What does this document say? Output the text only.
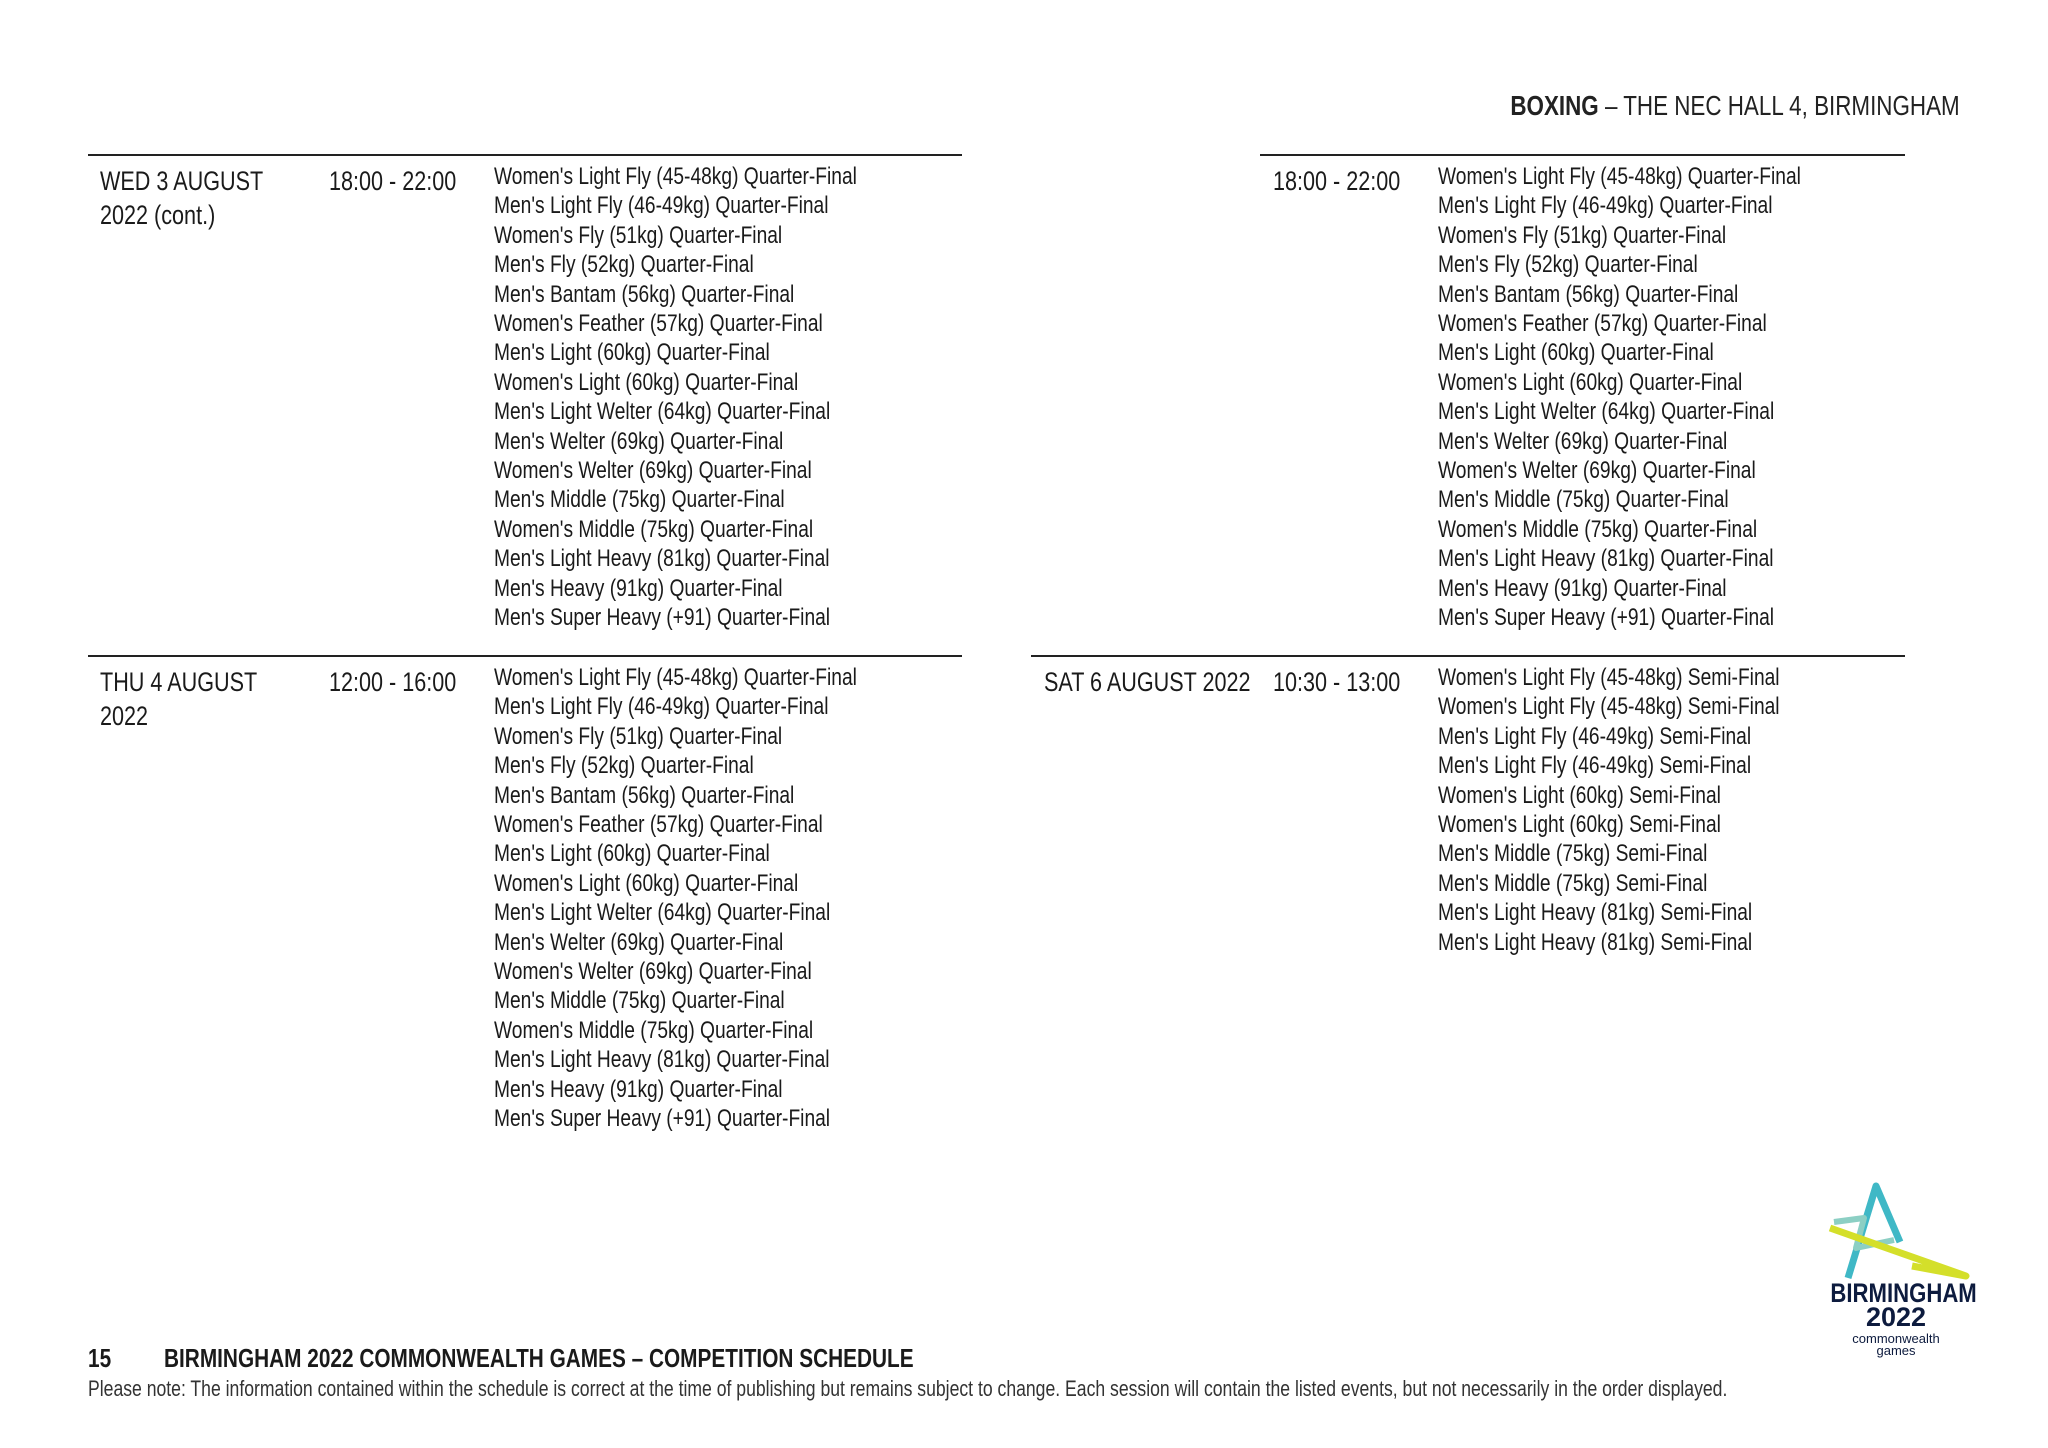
BOXING – THE NEC HALL 4, BIRMINGHAM
WED 3 AUGUST
2022 (cont.)
18:00 - 22:00 Women's Light Fly (45-48kg) Quarter-Final
Men's Light Fly (46-49kg) Quarter-Final
Women's Fly (51kg) Quarter-Final
Men's Fly (52kg) Quarter-Final
Men's Bantam (56kg) Quarter-Final
Women's Feather (57kg) Quarter-Final
Men's Light (60kg) Quarter-Final
Women's Light (60kg) Quarter-Final
Men's Light Welter (64kg) Quarter-Final
Men's Welter (69kg) Quarter-Final
Women's Welter (69kg) Quarter-Final
Men's Middle (75kg) Quarter-Final
Women's Middle (75kg) Quarter-Final
Men's Light Heavy (81kg) Quarter-Final
Men's Heavy (91kg) Quarter-Final
Men's Super Heavy (+91) Quarter-Final
THU 4 AUGUST
2022
12:00 - 16:00 Women's Light Fly (45-48kg) Quarter-Final
Men's Light Fly (46-49kg) Quarter-Final
Women's Fly (51kg) Quarter-Final
Men's Fly (52kg) Quarter-Final
Men's Bantam (56kg) Quarter-Final
Women's Feather (57kg) Quarter-Final
Men's Light (60kg) Quarter-Final
Women's Light (60kg) Quarter-Final
Men's Light Welter (64kg) Quarter-Final
Men's Welter (69kg) Quarter-Final
Women's Welter (69kg) Quarter-Final
Men's Middle (75kg) Quarter-Final
Women's Middle (75kg) Quarter-Final
Men's Light Heavy (81kg) Quarter-Final
Men's Heavy (91kg) Quarter-Final
Men's Super Heavy (+91) Quarter-Final
18:00 - 22:00 Women's Light Fly (45-48kg) Quarter-Final
Men's Light Fly (46-49kg) Quarter-Final
Women's Fly (51kg) Quarter-Final
Men's Fly (52kg) Quarter-Final
Men's Bantam (56kg) Quarter-Final
Women's Feather (57kg) Quarter-Final
Men's Light (60kg) Quarter-Final
Women's Light (60kg) Quarter-Final
Men's Light Welter (64kg) Quarter-Final
Men's Welter (69kg) Quarter-Final
Women's Welter (69kg) Quarter-Final
Men's Middle (75kg) Quarter-Final
Women's Middle (75kg) Quarter-Final
Men's Light Heavy (81kg) Quarter-Final
Men's Heavy (91kg) Quarter-Final
Men's Super Heavy (+91) Quarter-Final
SAT 6 AUGUST 2022 10:30 - 13:00 Women's Light Fly (45-48kg) Semi-Final
Women's Light Fly (45-48kg) Semi-Final
Men's Light Fly (46-49kg) Semi-Final
Men's Light Fly (46-49kg) Semi-Final
Women's Light (60kg) Semi-Final
Women's Light (60kg) Semi-Final
Men's Middle (75kg) Semi-Final
Men's Middle (75kg) Semi-Final
Men's Light Heavy (81kg) Semi-Final
Men's Light Heavy (81kg) Semi-Final
BIRMINGHAM
2022
commonwealth
games
15 BIRMINGHAM 2022 COMMONWEALTH GAMES – COMPETITION SCHEDULE
Please note: The information contained within the schedule is correct at the time of publishing but remains subject to change. Each session will contain the listed events, but not necessarily in the order displayed.
